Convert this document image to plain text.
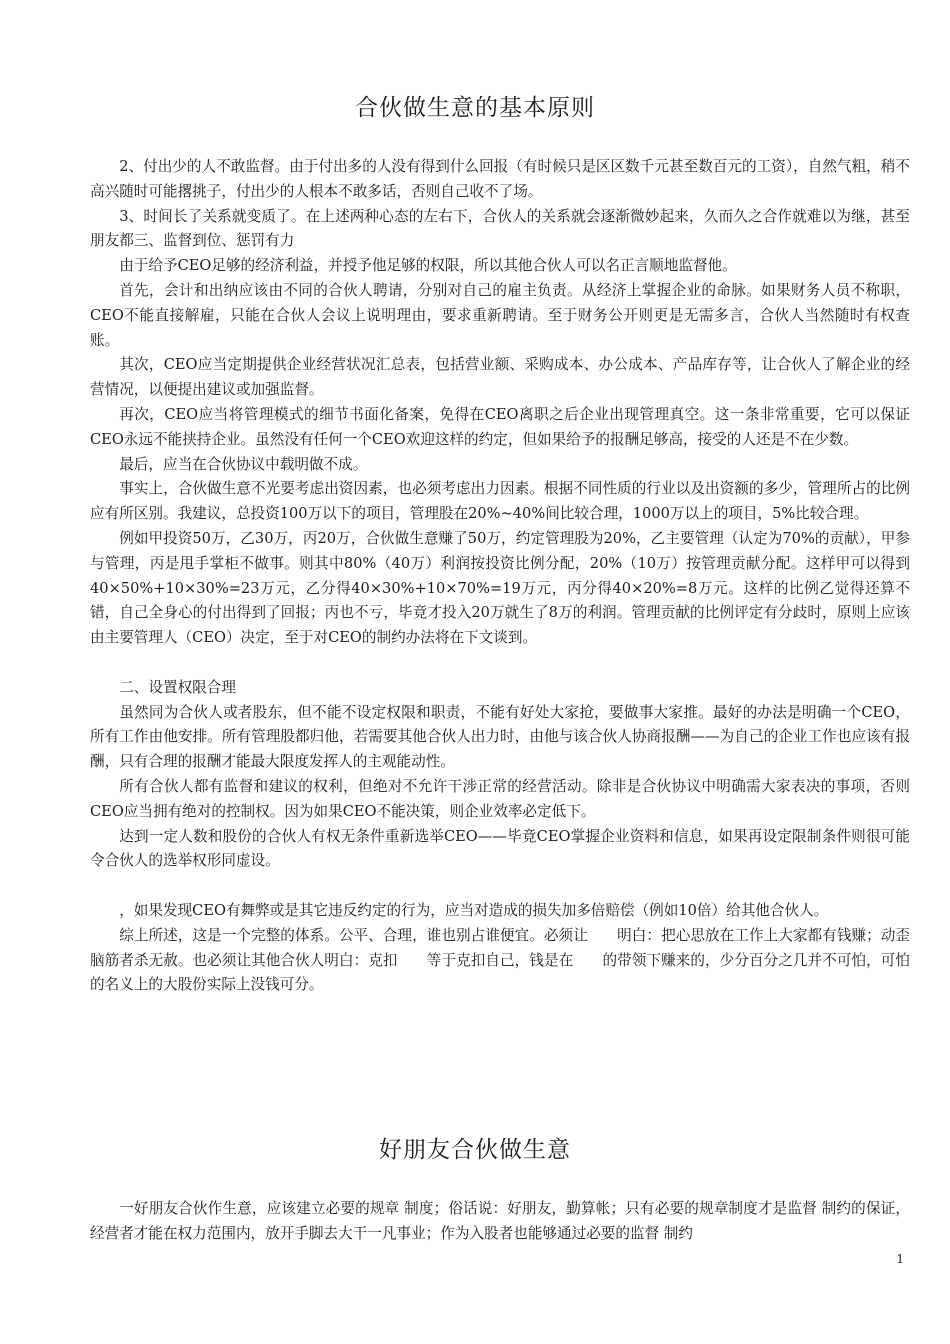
合伙做生意的基本原则

2、付出少的人不敢监督。由于付出多的人没有得到什么回报（有时候只是区区数千元甚至数百元的工资），自然气粗，稍不高兴随时可能撂挑子，付出少的人根本不敢多话，否则自己收不了场。

3、时间长了关系就变质了。在上述两种心态的左右下，合伙人的关系就会逐渐微妙起来，久而久之合作就难以为继，甚至朋友都三、监督到位、惩罚有力

由于给予CEO足够的经济利益，并授予他足够的权限，所以其他合伙人可以名正言顺地监督他。

首先，会计和出纳应该由不同的合伙人聘请，分别对自己的雇主负责。从经济上掌握企业的命脉。如果财务人员不称职，CEO不能直接解雇，只能在合伙人会议上说明理由，要求重新聘请。至于财务公开则更是无需多言，合伙人当然随时有权查账。

其次，CEO应当定期提供企业经营状况汇总表，包括营业额、采购成本、办公成本、产品库存等，让合伙人了解企业的经营情况，以便提出建议或加强监督。

再次，CEO应当将管理模式的细节书面化备案，免得在CEO离职之后企业出现管理真空。这一条非常重要，它可以保证CEO永远不能挟持企业。虽然没有任何一个CEO欢迎这样的约定，但如果给予的报酬足够高，接受的人还是不在少数。

最后，应当在合伙协议中载明做不成。

事实上，合伙做生意不光要考虑出资因素，也必须考虑出力因素。根据不同性质的行业以及出资额的多少，管理所占的比例应有所区别。我建议，总投资100万以下的项目，管理股在20%~40%间比较合理，1000万以上的项目，5%比较合理。

例如甲投资50万，乙30万，丙20万，合伙做生意赚了50万，约定管理股为20%，乙主要管理（认定为70%的贡献），甲参与管理，丙是甩手掌柜不做事。则其中80%（40万）利润按投资比例分配，20%（10万）按管理贡献分配。这样甲可以得到40×50%+10×30%=23万元，乙分得40×30%+10×70%=19万元，丙分得40×20%=8万元。这样的比例乙觉得还算不错，自己全身心的付出得到了回报；丙也不亏，毕竟才投入20万就生了8万的利润。管理贡献的比例评定有分歧时，原则上应该由主要管理人（CEO）决定，至于对CEO的制约办法将在下文谈到。

二、设置权限合理

虽然同为合伙人或者股东，但不能不设定权限和职责，不能有好处大家抢，要做事大家推。最好的办法是明确一个CEO，所有工作由他安排。所有管理股都归他，若需要其他合伙人出力时，由他与该合伙人协商报酬——为自己的企业工作也应该有报酬，只有合理的报酬才能最大限度发挥人的主观能动性。

所有合伙人都有监督和建议的权利，但绝对不允许干涉正常的经营活动。除非是合伙协议中明确需大家表决的事项，否则CEO应当拥有绝对的控制权。因为如果CEO不能决策，则企业效率必定低下。

达到一定人数和股份的合伙人有权无条件重新选举CEO——毕竟CEO掌握企业资料和信息，如果再设定限制条件则很可能令合伙人的选举权形同虚设。

，如果发现CEO有舞弊或是其它违反约定的行为，应当对造成的损失加多倍赔偿（例如10倍）给其他合伙人。

综上所述，这是一个完整的体系。公平、合理，谁也别占谁便宜。必须让　　明白：把心思放在工作上大家都有钱赚；动歪脑筋者杀无赦。也必须让其他合伙人明白：克扣　　等于克扣自己，钱是在　　的带领下赚来的，少分百分之几并不可怕，可怕的名义上的大股份实际上没钱可分。

好朋友合伙做生意

一好朋友合伙作生意，应该建立必要的规章 制度；俗话说：好朋友，勤算帐；只有必要的规章制度才是监督 制约的保证，经营者才能在权力范围内，放开手脚去大干一凡事业；作为入股者也能够通过必要的监督 制约

1
